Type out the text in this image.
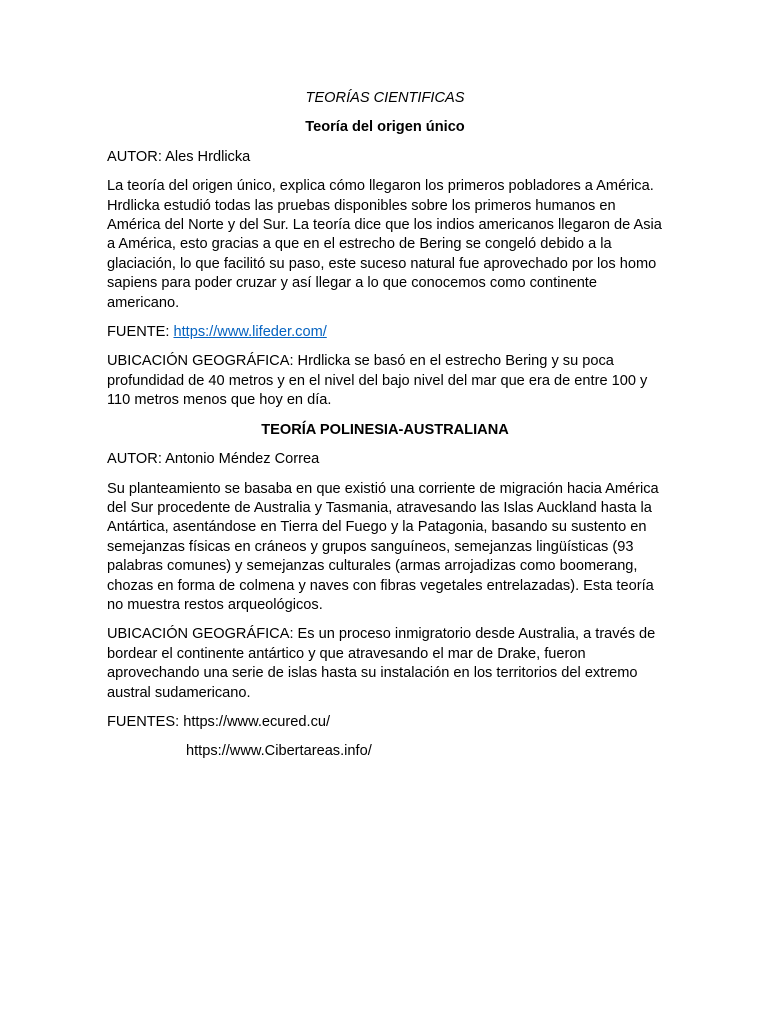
TEORÍAS CIENTIFICAS

Teoría del origen único

AUTOR: Ales Hrdlicka

La teoría del origen único, explica cómo llegaron los primeros pobladores a América. Hrdlicka estudió todas las pruebas disponibles sobre los primeros humanos en América del Norte y del Sur. La teoría dice que los indios americanos llegaron de Asia a América, esto gracias a que en el estrecho de Bering se congeló debido a la glaciación, lo que facilitó su paso, este suceso natural fue aprovechado por los homo sapiens para poder cruzar y así llegar a lo que conocemos como continente americano.

FUENTE: https://www.lifeder.com/

UBICACIÓN GEOGRÁFICA: Hrdlicka se basó en el estrecho Bering y su poca profundidad de 40 metros y en el nivel del bajo nivel del mar que era de entre 100 y 110 metros menos que hoy en día.

TEORÍA POLINESIA-AUSTRALIANA

AUTOR: Antonio Méndez Correa

Su planteamiento se basaba en que existió una corriente de migración hacia América del Sur procedente de Australia y Tasmania, atravesando las Islas Auckland hasta la Antártica, asentándose en Tierra del Fuego y la Patagonia, basando su sustento en semejanzas físicas en cráneos y grupos sanguíneos, semejanzas lingüísticas (93 palabras comunes) y semejanzas culturales (armas arrojadizas como boomerang, chozas en forma de colmena y naves con fibras vegetales entrelazadas). Esta teoría no muestra restos arqueológicos.

UBICACIÓN GEOGRÁFICA: Es un proceso inmigratorio desde Australia, a través de bordear el continente antártico y que atravesando el mar de Drake, fueron aprovechando una serie de islas hasta su instalación en los territorios del extremo austral sudamericano.

FUENTES: https://www.ecured.cu/

https://www.Cibertareas.info/
